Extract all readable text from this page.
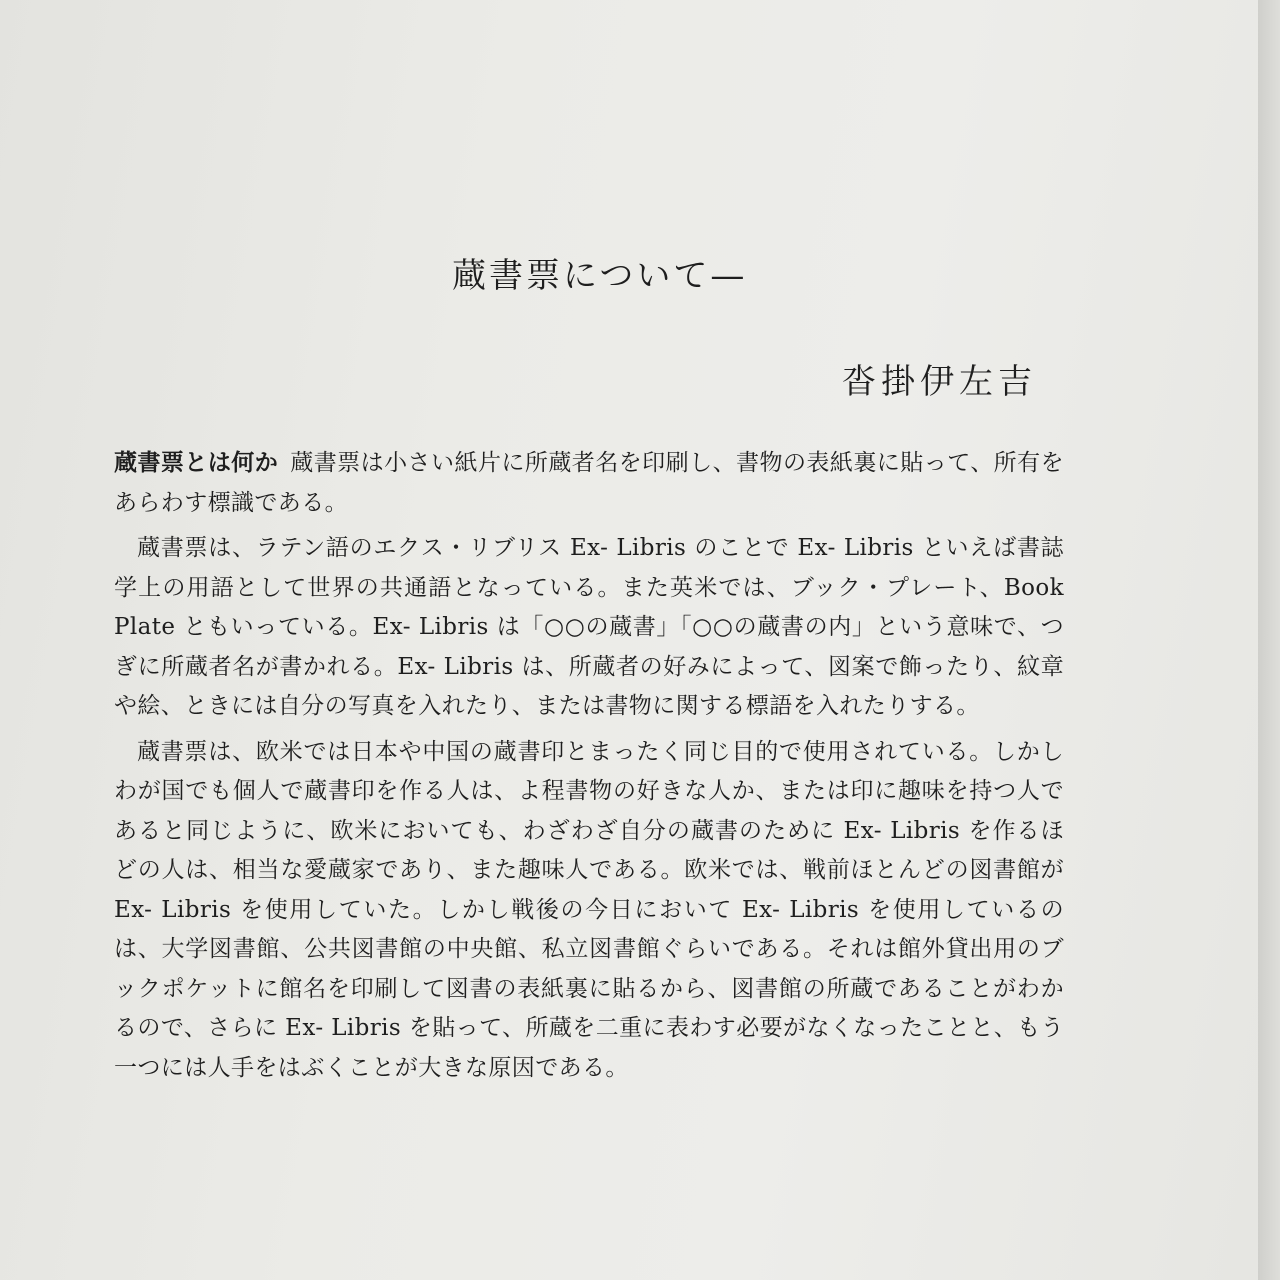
蔵書票について—
沓掛伊左吉

蔵書票とは何か 蔵書票は小さい紙片に所蔵者名を印刷し、書物の表紙裏に貼って、所有をあらわす標識である。

蔵書票は、ラテン語のエクス・リブリス Ex- Libris のことで Ex- Libris といえば書誌学上の用語として世界の共通語となっている。また英米では、ブック・プレート、Book Plate ともいっている。Ex- Libris は「○○の蔵書」「○○の蔵書の内」という意味で、つぎに所蔵者名が書かれる。Ex- Libris は、所蔵者の好みによって、図案で飾ったり、紋章や絵、ときには自分の写真を入れたり、または書物に関する標語を入れたりする。

蔵書票は、欧米では日本や中国の蔵書印とまったく同じ目的で使用されている。しかしわが国でも個人で蔵書印を作る人は、よ程書物の好きな人か、または印に趣味を持つ人であると同じように、欧米においても、わざわざ自分の蔵書のために Ex- Libris を作るほどの人は、相当な愛蔵家であり、また趣味人である。欧米では、戦前ほとんどの図書館が Ex- Libris を使用していた。しかし戦後の今日において Ex- Libris を使用しているのは、大学図書館、公共図書館の中央館、私立図書館ぐらいである。それは館外貸出用のブックポケットに館名を印刷して図書の表紙裏に貼るから、図書館の所蔵であることがわかるので、さらに Ex- Libris を貼って、所蔵を二重に表わす必要がなくなったことと、もう一つには人手をはぶくことが大きな原因である。
